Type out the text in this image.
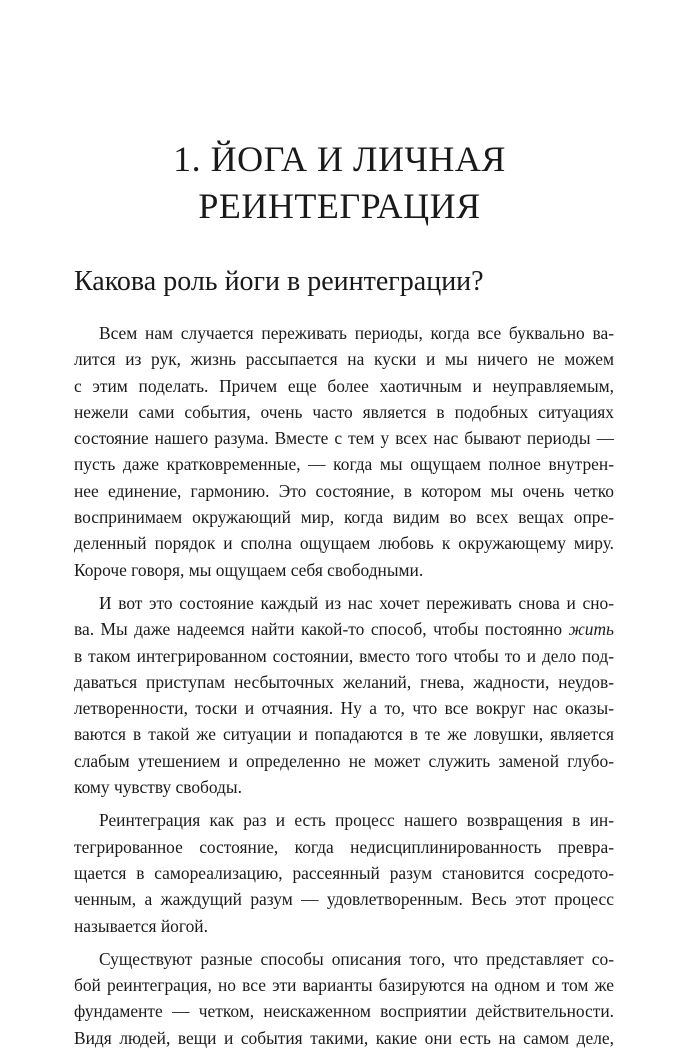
1. ЙОГА И ЛИЧНАЯ
РЕИНТЕГРАЦИЯ
Какова роль йоги в реинтеграции?

Всем нам случается переживать периоды, когда все буквально ва-
лится из рук, жизнь рассыпается на куски и мы ничего не можем
с этим поделать. Причем еще более хаотичным и неуправляемым,
нежели сами события, очень часто является в подобных ситуациях
состояние нашего разума. Вместе с тем у всех нас бывают периоды —
пусть даже кратковременные, — когда мы ощущаем полное внутрен-
нее единение, гармонию. Это состояние, в котором мы очень четко
воспринимаем окружающий мир, когда видим во всех вещах опре-
деленный порядок и сполна ощущаем любовь к окружающему миру.
Короче говоря, мы ощущаем себя свободными.

И вот это состояние каждый из нас хочет переживать снова и сно-
ва. Мы даже надеемся найти какой-то способ, чтобы постоянно жить
в таком интегрированном состоянии, вместо того чтобы то и дело под-
даваться приступам несбыточных желаний, гнева, жадности, неудов-
летворенности, тоски и отчаяния. Ну а то, что все вокруг нас оказы-
ваются в такой же ситуации и попадаются в те же ловушки, является
слабым утешением и определенно не может служить заменой глубо-
кому чувству свободы.

Реинтеграция как раз и есть процесс нашего возвращения в ин-
тегрированное состояние, когда недисциплинированность превра-
щается в самореализацию, рассеянный разум становится сосредото-
ченным, а жаждущий разум — удовлетворенным. Весь этот процесс
называется йогой.

Существуют разные способы описания того, что представляет со-
бой реинтеграция, но все эти варианты базируются на одном и том же
фундаменте — четком, неискаженном восприятии действительности.
Видя людей, вещи и события такими, какие они есть на самом деле,
